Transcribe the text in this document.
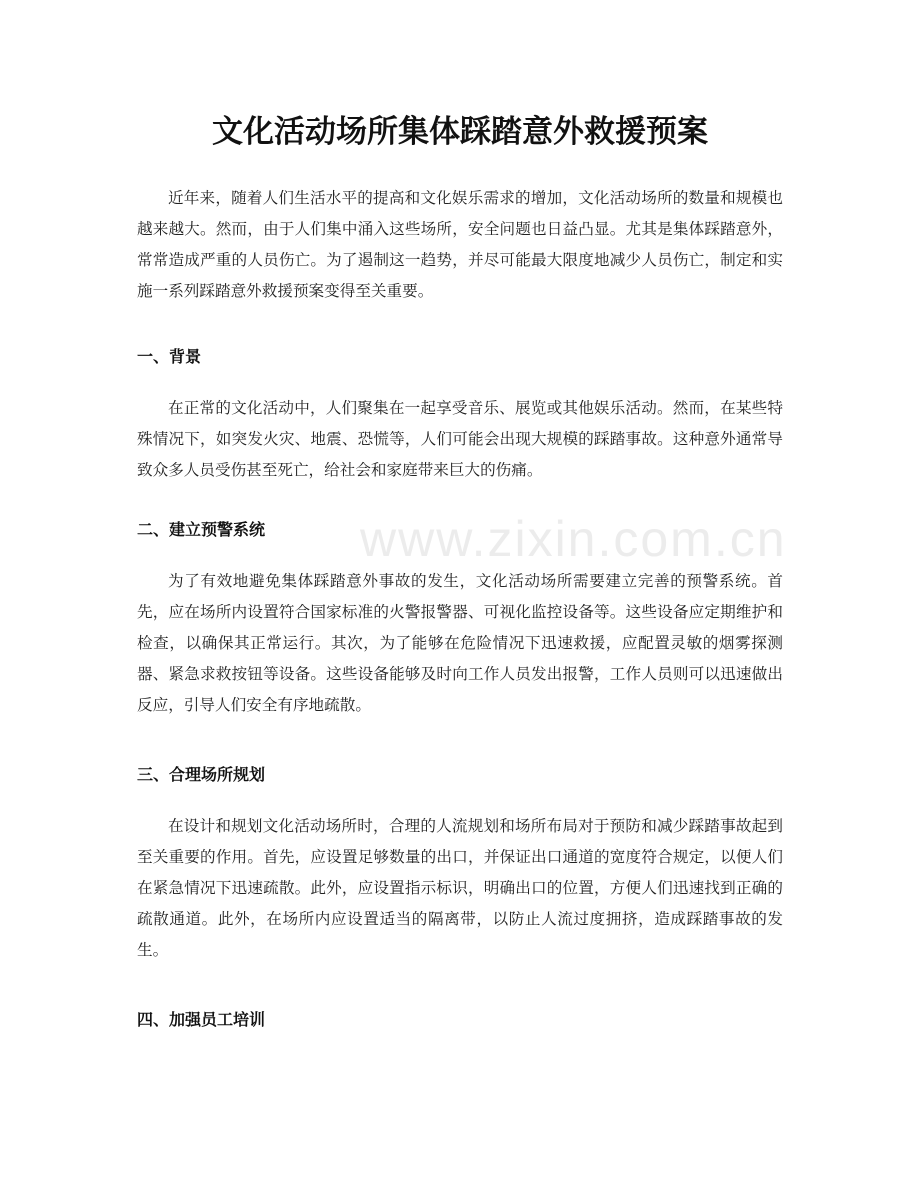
www.zixin.com.cn
文化活动场所集体踩踏意外救援预案

近年来，随着人们生活水平的提高和文化娱乐需求的增加，文化活动场所的数量和规模也越来越大。然而，由于人们集中涌入这些场所，安全问题也日益凸显。尤其是集体踩踏意外，常常造成严重的人员伤亡。为了遏制这一趋势，并尽可能最大限度地减少人员伤亡，制定和实施一系列踩踏意外救援预案变得至关重要。

一、背景

在正常的文化活动中，人们聚集在一起享受音乐、展览或其他娱乐活动。然而，在某些特殊情况下，如突发火灾、地震、恐慌等，人们可能会出现大规模的踩踏事故。这种意外通常导致众多人员受伤甚至死亡，给社会和家庭带来巨大的伤痛。

二、建立预警系统

为了有效地避免集体踩踏意外事故的发生，文化活动场所需要建立完善的预警系统。首先，应在场所内设置符合国家标准的火警报警器、可视化监控设备等。这些设备应定期维护和检查，以确保其正常运行。其次，为了能够在危险情况下迅速救援，应配置灵敏的烟雾探测器、紧急求救按钮等设备。这些设备能够及时向工作人员发出报警，工作人员则可以迅速做出反应，引导人们安全有序地疏散。

三、合理场所规划

在设计和规划文化活动场所时，合理的人流规划和场所布局对于预防和减少踩踏事故起到至关重要的作用。首先，应设置足够数量的出口，并保证出口通道的宽度符合规定，以便人们在紧急情况下迅速疏散。此外，应设置指示标识，明确出口的位置，方便人们迅速找到正确的疏散通道。此外，在场所内应设置适当的隔离带，以防止人流过度拥挤，造成踩踏事故的发生。

四、加强员工培训
